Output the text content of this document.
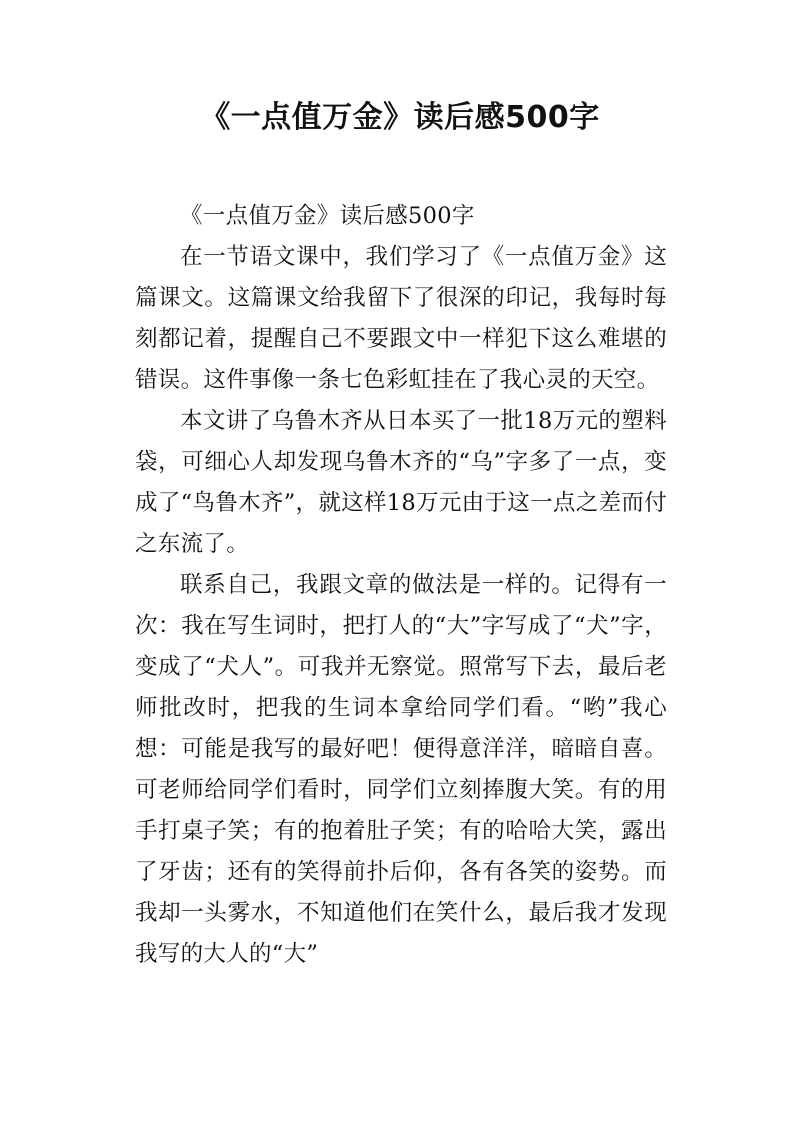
《一点值万金》读后感500字

《一点值万金》读后感500字

在一节语文课中，我们学习了《一点值万金》这篇课文。这篇课文给我留下了很深的印记，我每时每刻都记着，提醒自己不要跟文中一样犯下这么难堪的错误。这件事像一条七色彩虹挂在了我心灵的天空。

本文讲了乌鲁木齐从日本买了一批18万元的塑料袋，可细心人却发现乌鲁木齐的“乌”字多了一点，变成了“鸟鲁木齐”，就这样18万元由于这一点之差而付之东流了。

联系自己，我跟文章的做法是一样的。记得有一次：我在写生词时，把打人的“大”字写成了“犬”字，变成了“犬人”。可我并无察觉。照常写下去，最后老师批改时，把我的生词本拿给同学们看。“哟”我心想：可能是我写的最好吧！便得意洋洋，暗暗自喜。可老师给同学们看时，同学们立刻捧腹大笑。有的用手打桌子笑；有的抱着肚子笑；有的哈哈大笑，露出了牙齿；还有的笑得前扑后仰，各有各笑的姿势。而我却一头雾水，不知道他们在笑什么，最后我才发现我写的大人的“大”
